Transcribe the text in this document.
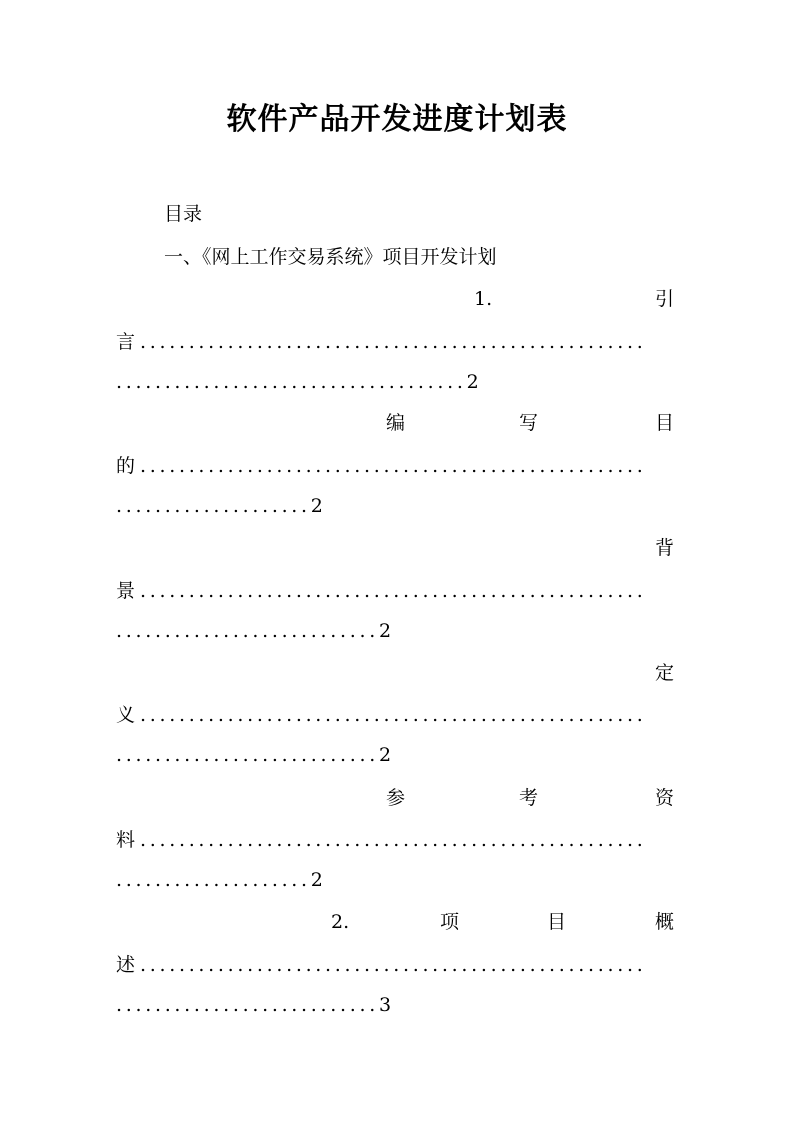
软件产品开发进度计划表
目录
一、《网上工作交易系统》项目开发计划
1.	引
言 ....................................................
....................................2
编	写	目
的 ....................................................
....................2
背
景 ....................................................
...........................2
定
义 ....................................................
...........................2
参	考	资
料 ....................................................
....................2
2.	项	目	概
述 ....................................................
...........................3
